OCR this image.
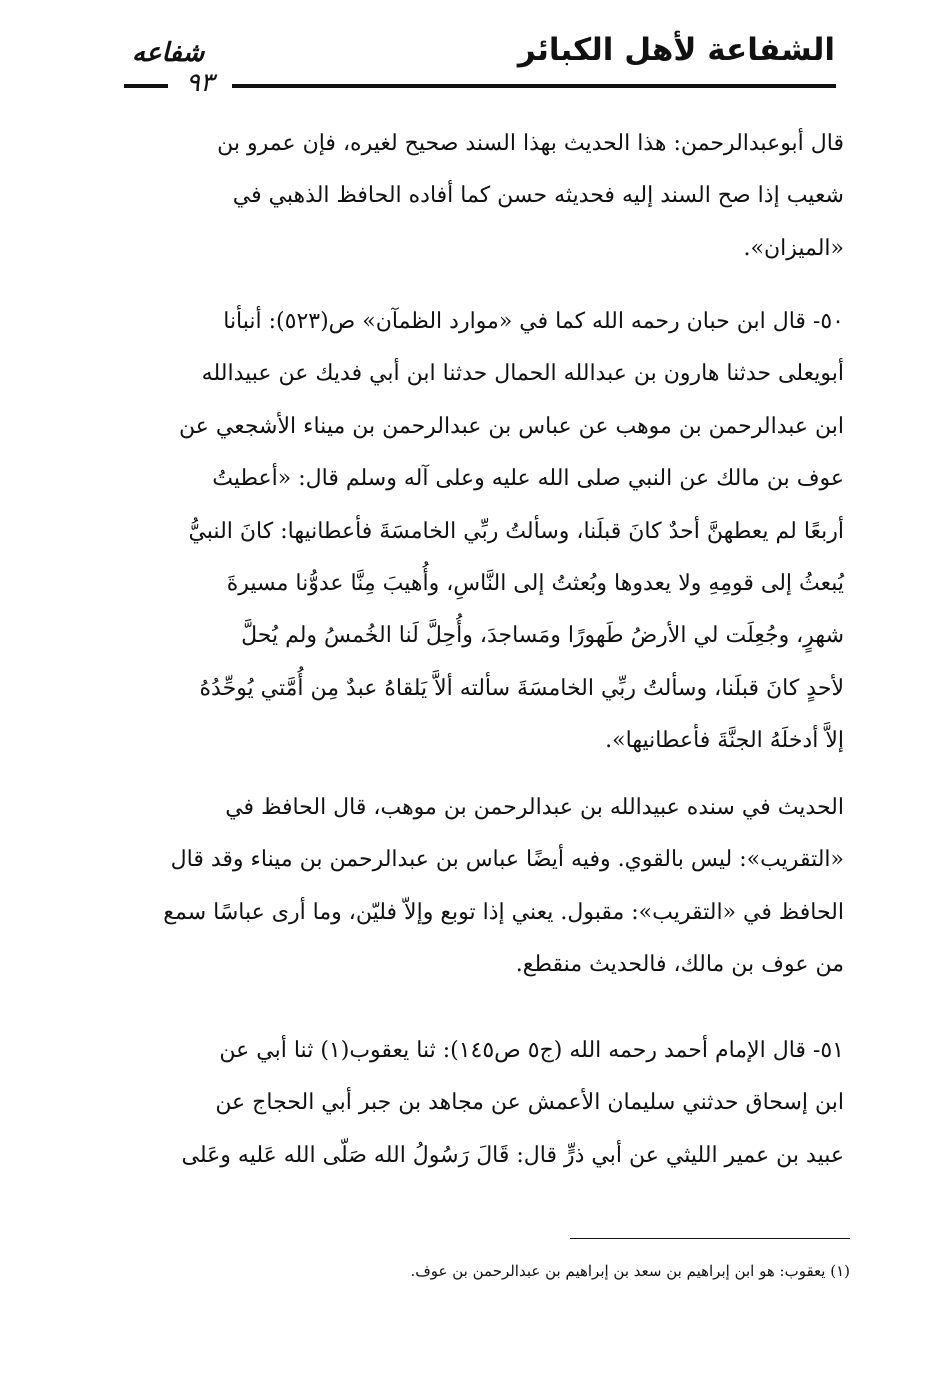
الشفاعة لأهل الكبائر
شفاعه
٩٣
قال أبوعبدالرحمن: هذا الحديث بهذا السند صحيح لغيره، فإن عمرو بن
شعيب إذا صح السند إليه فحديثه حسن كما أفاده الحافظ الذهبي في
«الميزان».
٥٠- قال ابن حبان رحمه الله كما في «موارد الظمآن» ص(٥٢٣): أنبأنا
أبويعلى حدثنا هارون بن عبدالله الحمال حدثنا ابن أبي فديك عن عبيدالله
ابن عبدالرحمن بن موهب عن عباس بن عبدالرحمن بن ميناء الأشجعي عن
عوف بن مالك عن النبي صلى الله عليه وعلى آله وسلم قال: «أعطيتُ
أربعًا لم يعطهنَّ أحدٌ كانَ قبلَنا، وسألتُ ربِّي الخامسَةَ فأعطانيها: كانَ النبيُّ
يُبعثُ إلى قومِهِ ولا يعدوها وبُعثتُ إلى النَّاسِ، وأُهيبَ مِنَّا عدوُّنا مسيرةَ
شهرٍ، وجُعِلَت لي الأرضُ طَهورًا ومَساجدَ، وأُحِلَّ لَنا الخُمسُ ولم يُحلَّ
لأحدٍ كانَ قبلَنا، وسألتُ ربِّي الخامسَةَ سألته ألاَّ يَلقاهُ عبدٌ مِن أُمَّتي يُوحِّدُهُ
إلاَّ أدخلَهُ الجنَّةَ فأعطانيها».
الحديث في سنده عبيدالله بن عبدالرحمن بن موهب، قال الحافظ في
«التقريب»: ليس بالقوي. وفيه أيضًا عباس بن عبدالرحمن بن ميناء وقد قال
الحافظ في «التقريب»: مقبول. يعني إذا توبع وإلاّ فليّن، وما أرى عباسًا سمع
من عوف بن مالك، فالحديث منقطع.
٥١- قال الإمام أحمد رحمه الله (ج٥ ص١٤٥): ثنا يعقوب(١) ثنا أبي عن
ابن إسحاق حدثني سليمان الأعمش عن مجاهد بن جبر أبي الحجاج عن
عبيد بن عمير الليثي عن أبي ذرٍّ قال: قَالَ رَسُولُ الله صَلّى الله عَليه وعَلى
(١) يعقوب: هو ابن إبراهيم بن سعد بن إبراهيم بن عبدالرحمن بن عوف.
